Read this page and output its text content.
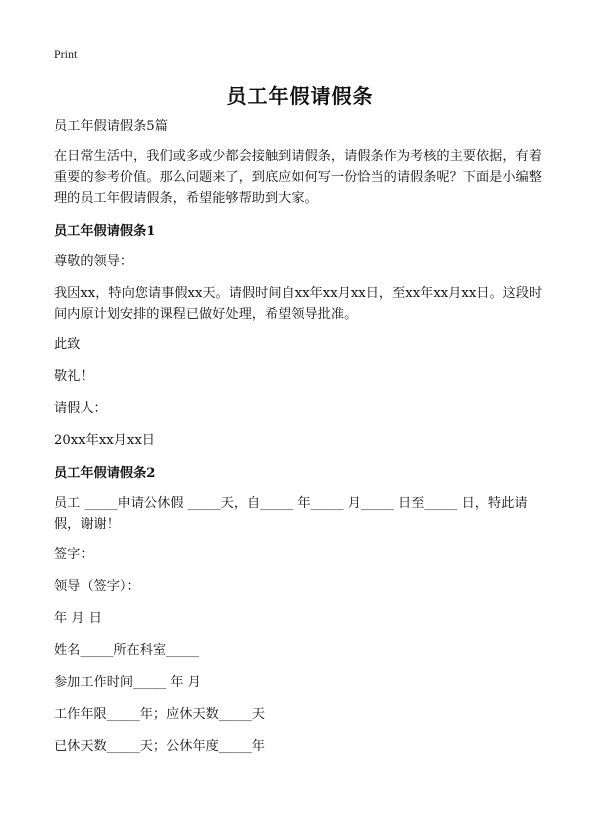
Print
员工年假请假条

员工年假请假条5篇

在日常生活中，我们或多或少都会接触到请假条，请假条作为考核的主要依据，有着重要的参考价值。那么问题来了，到底应如何写一份恰当的请假条呢？下面是小编整理的员工年假请假条，希望能够帮助到大家。

员工年假请假条1

尊敬的领导：

我因xx，特向您请事假xx天。请假时间自xx年xx月xx日，至xx年xx月xx日。这段时间内原计划安排的课程已做好处理，希望领导批准。

此致

敬礼！

请假人：

20xx年xx月xx日

员工年假请假条2

员工 _____申请公休假 _____天，自_____ 年_____ 月_____ 日至_____ 日，特此请假，谢谢！

签字：

领导（签字）：

年 月 日

姓名_____所在科室_____

参加工作时间_____ 年 月

工作年限_____年；应休天数_____天

已休天数_____天；公休年度_____年
